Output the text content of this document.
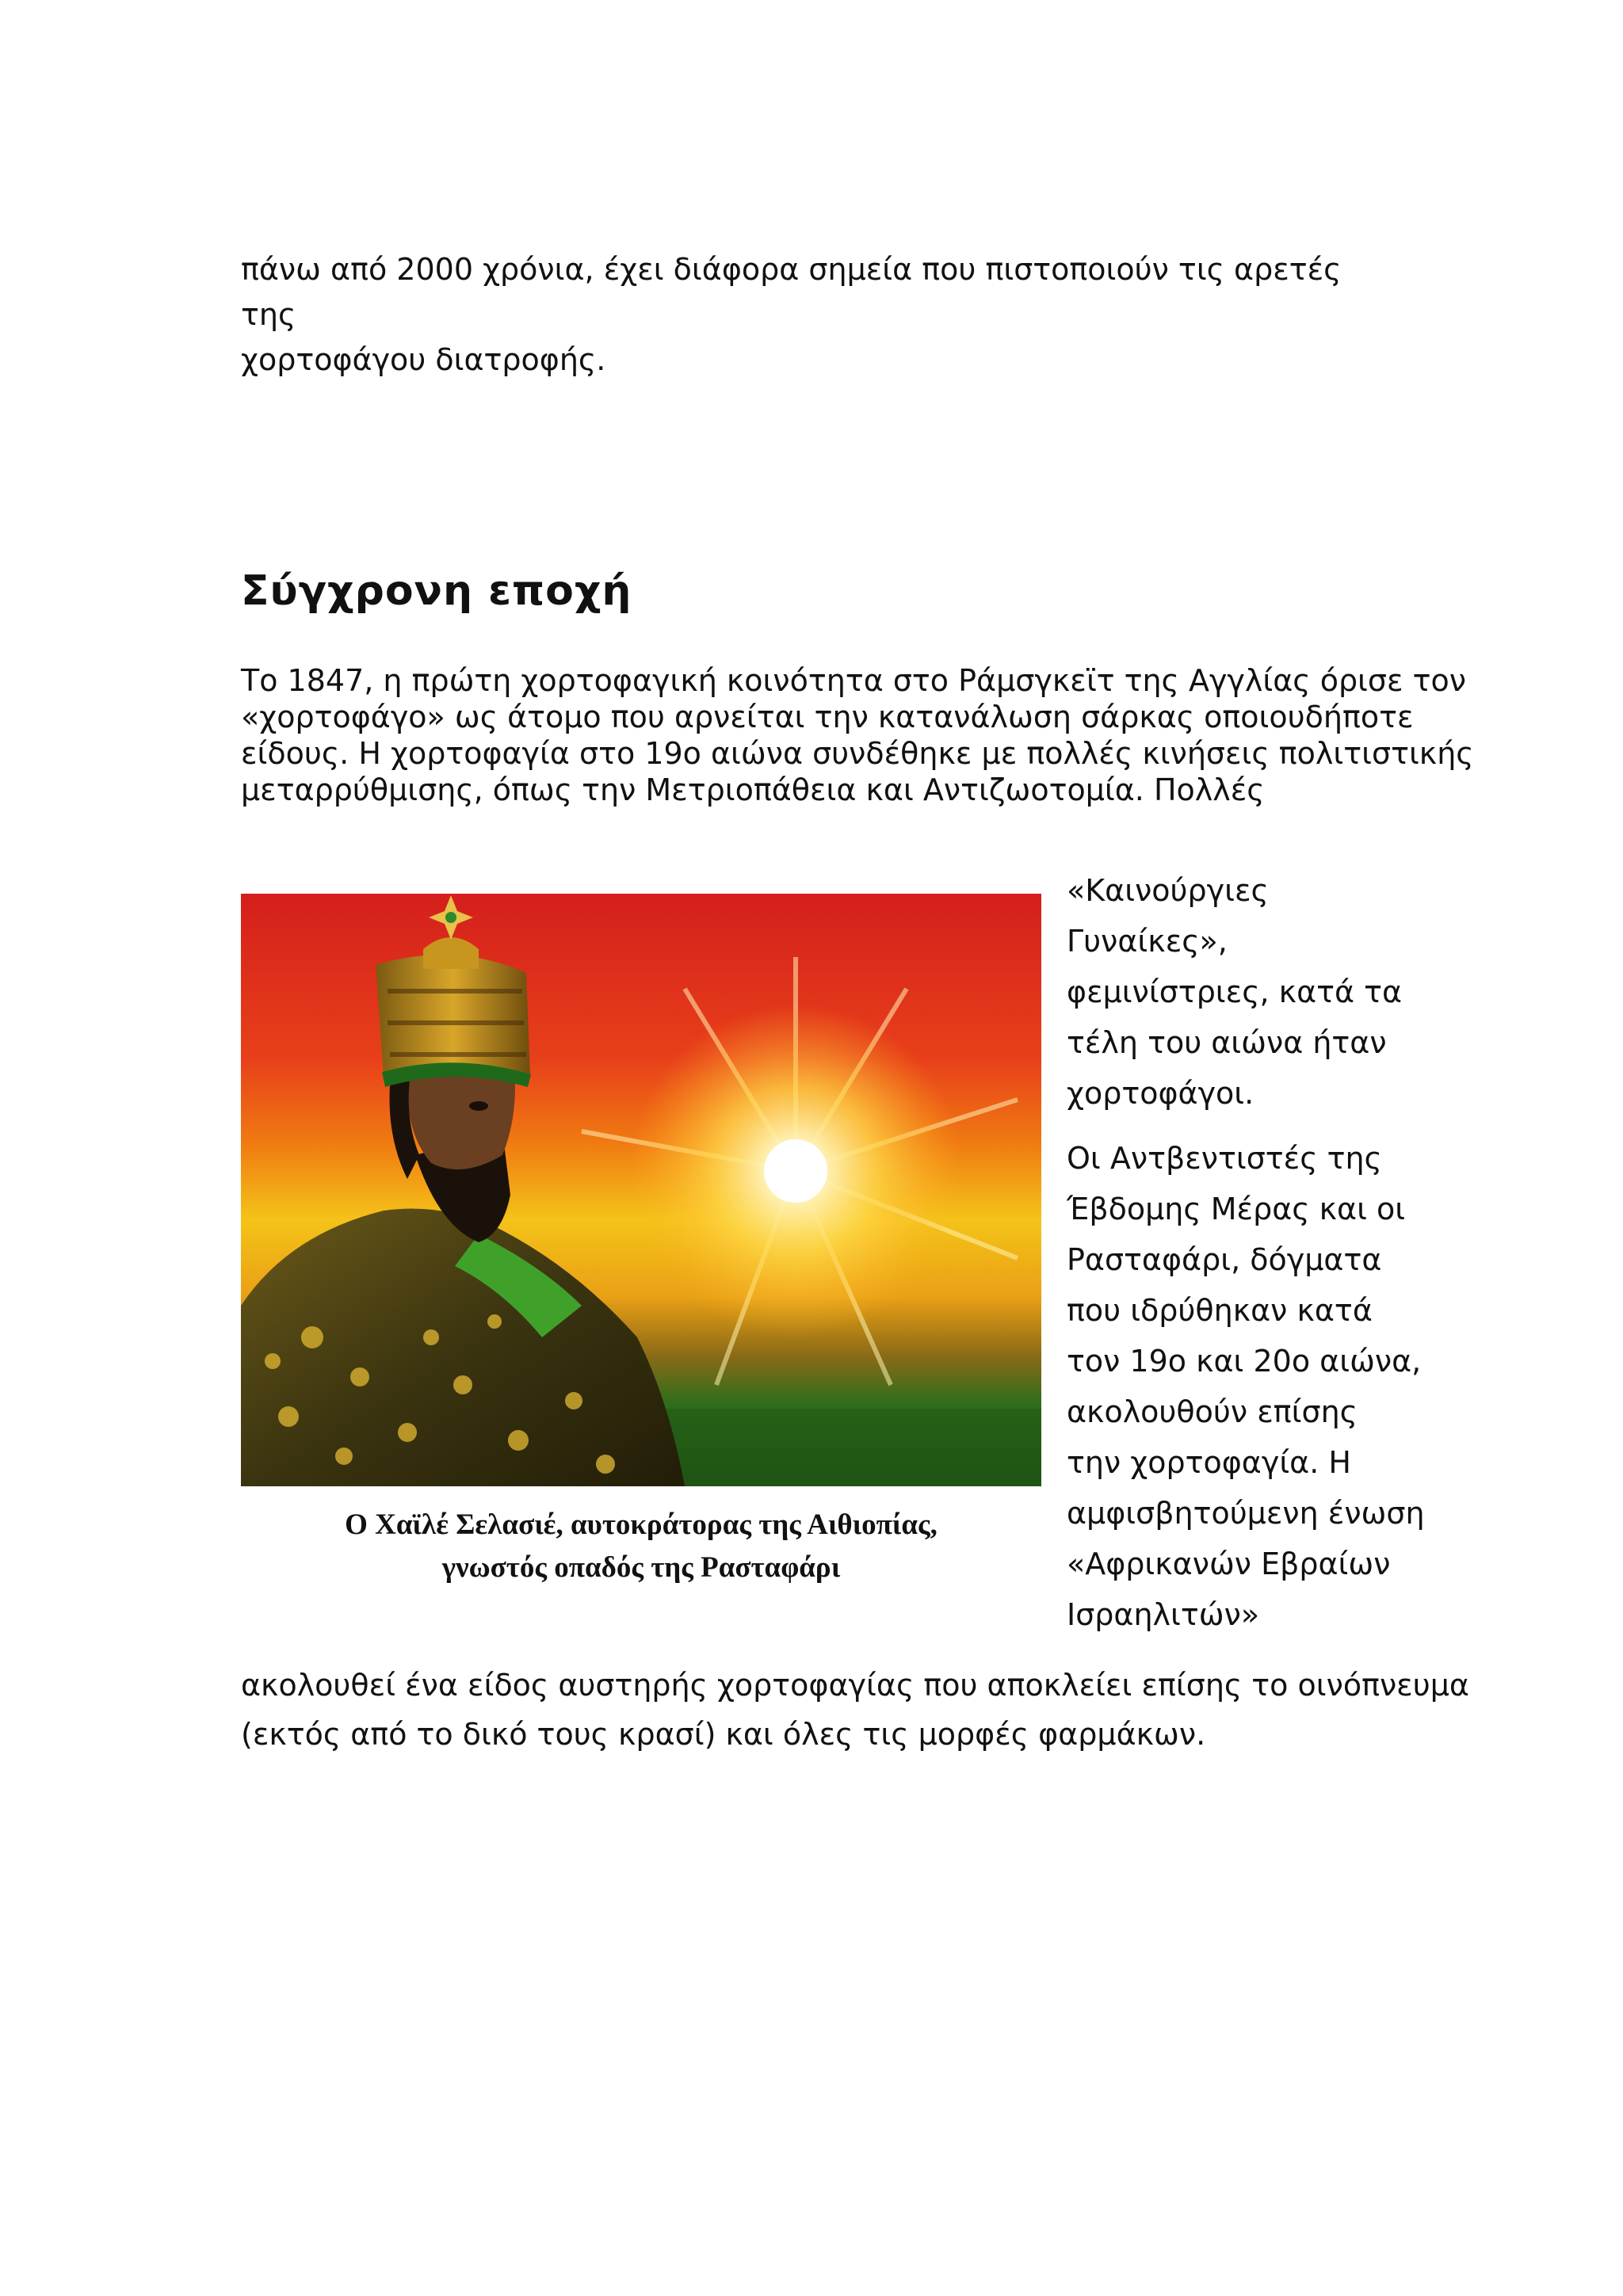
πάνω από 2000 χρόνια, έχει διάφορα σημεία που πιστοποιούν τις αρετές της

χορτοφάγου διατροφής.

Σύγχρονη εποχή
Το 1847, η πρώτη χορτοφαγική κοινότητα στο Ράμσγκεϊτ της Αγγλίας όρισε τον
«χορτοφάγο» ως άτομο που αρνείται την κατανάλωση σάρκας οποιουδήποτε
είδους. Η χορτοφαγία στο 19ο αιώνα συνδέθηκε με πολλές κινήσεις πολιτιστικής
μεταρρύθμισης, όπως την Μετριοπάθεια και Αντιζωοτομία. Πολλές
Ο Χαϊλέ Σελασιέ, αυτοκράτορας της Αιθιοπίας,
γνωστός οπαδός της Ρασταφάρι
«Καινούργιες
Γυναίκες»,
φεμινίστριες, κατά τα
τέλη του αιώνα ήταν
χορτοφάγοι.
Οι Αντβεντιστές της
Έβδομης Μέρας και οι
Ρασταφάρι, δόγματα
που ιδρύθηκαν κατά
τον 19ο και 20ο αιώνα,
ακολουθούν επίσης
την χορτοφαγία. Η
αμφισβητούμενη ένωση
«Αφρικανών Εβραίων
Ισραηλιτών»
ακολουθεί ένα είδος αυστηρής χορτοφαγίας που αποκλείει επίσης το οινόπνευμα
(εκτός από το δικό τους κρασί) και όλες τις μορφές φαρμάκων.
